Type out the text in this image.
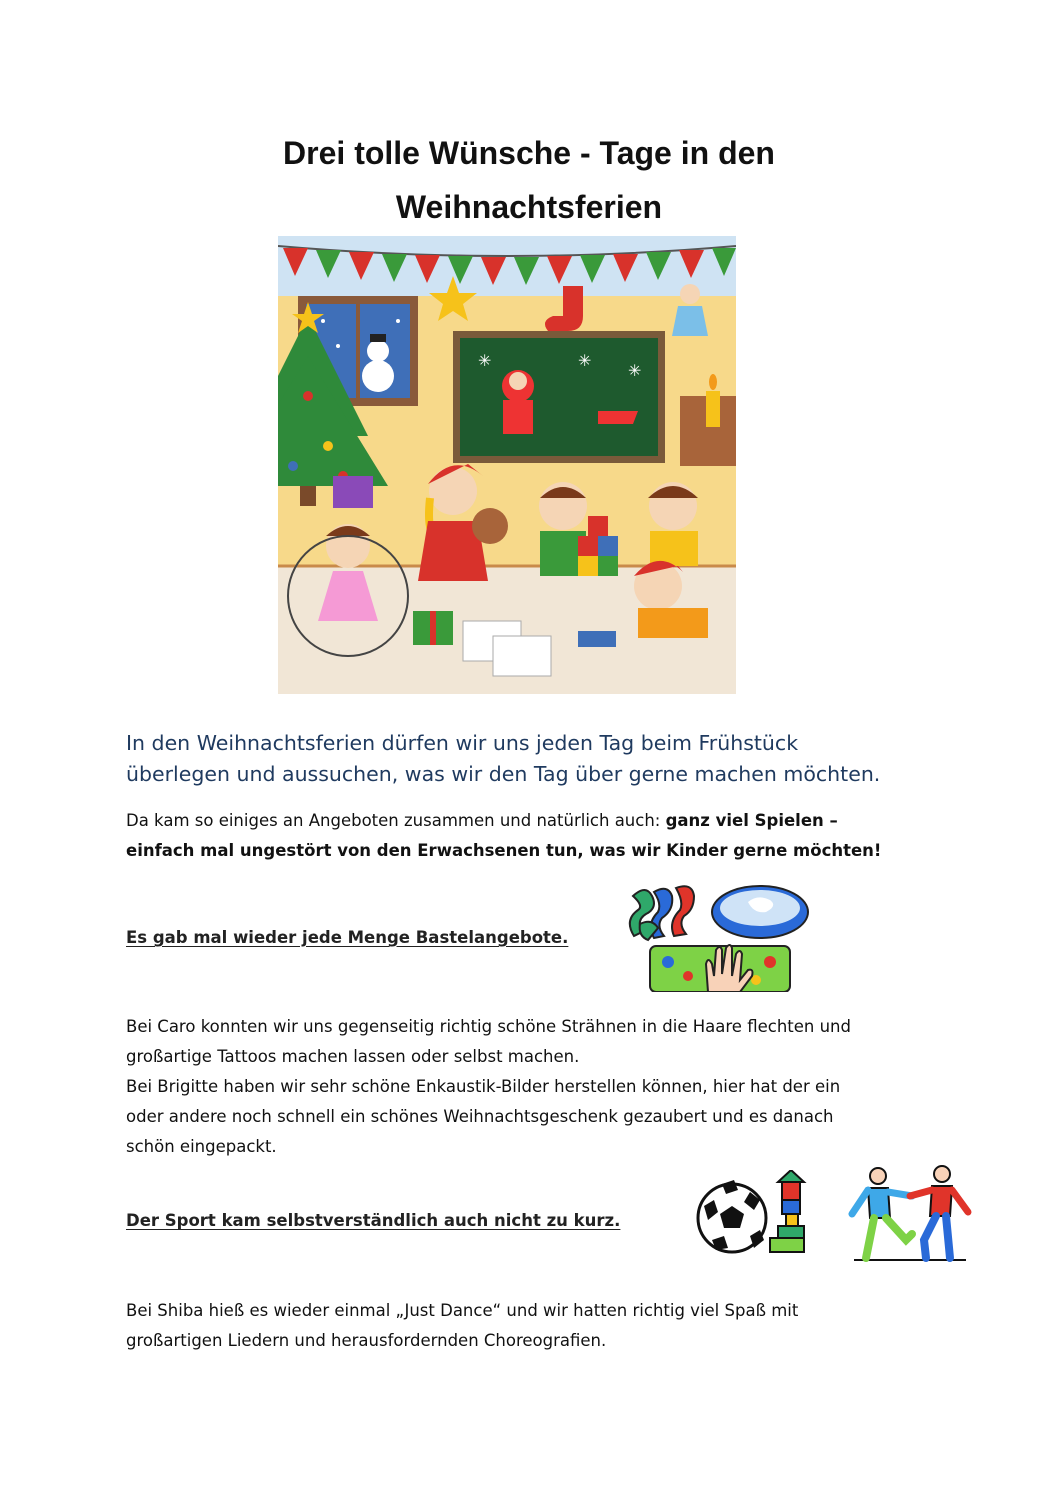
Drei tolle Wünsche - Tage in den
Weihnachtsferien
✳	✳
✳
In den Weihnachtsferien dürfen wir uns jeden Tag beim Frühstück
überlegen und aussuchen, was wir den Tag über gerne machen möchten.
Da kam so einiges an Angeboten zusammen und natürlich auch: ganz viel Spielen –
einfach mal ungestört von den Erwachsenen tun, was wir Kinder gerne möchten!
Es gab mal wieder jede Menge Bastelangebote.
Bei Caro konnten wir uns gegenseitig richtig schöne Strähnen in die Haare flechten und
großartige Tattoos machen lassen oder selbst machen.
Bei Brigitte haben wir sehr schöne Enkaustik-Bilder herstellen können, hier hat der ein
oder andere noch schnell ein schönes Weihnachtsgeschenk gezaubert und es danach
schön eingepackt.
Der Sport kam selbstverständlich auch nicht zu kurz.
Bei Shiba hieß es wieder einmal „Just Dance“ und wir hatten richtig viel Spaß mit
großartigen Liedern und herausfordernden Choreografien.
